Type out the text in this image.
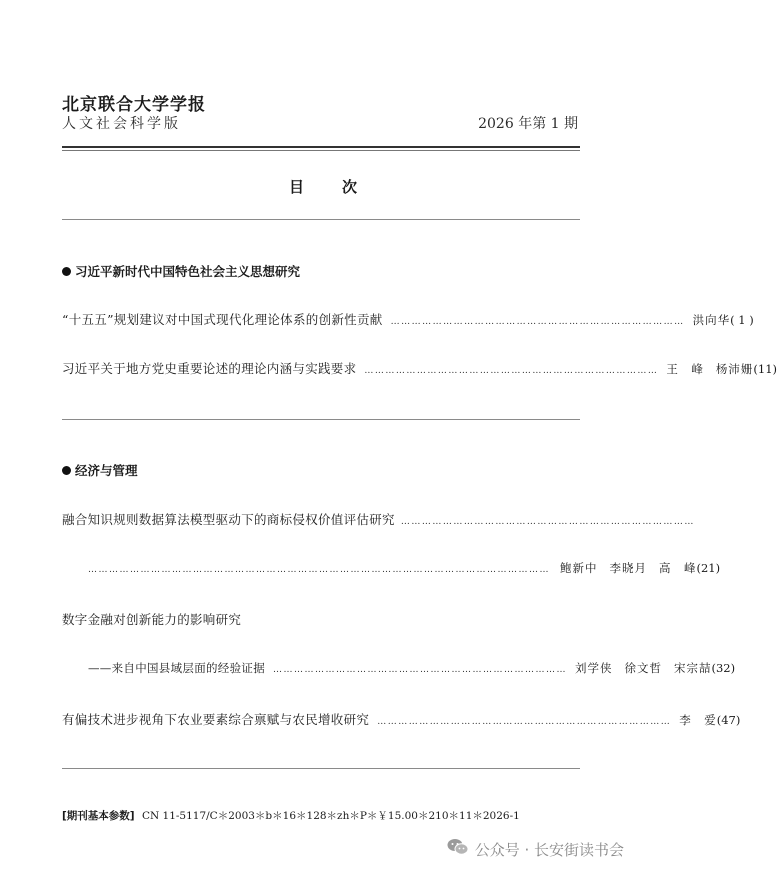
北京联合大学学报
人文社会科学版	2026 年第 1 期
目次
习近平新时代中国特色社会主义思想研究
“十五五”规划建议对中国式现代化理论体系的创新性贡献 ………………………………………………………………………… 洪向华 ( 1 )
习近平关于地方党史重要论述的理论内涵与实践要求 ………………………………………………………………………… 王　峰 杨沛姗 (11)
经济与管理
融合知识规则数据算法模型驱动下的商标侵权价值评估研究 …………………………………………………………………………
…………………………………………………………………………………………………………………… 鲍新中 李晓月 高　峰 (21)
数字金融对创新能力的影响研究
——来自中国县域层面的经验证据 ………………………………………………………………………… 刘学侠 徐文哲 宋宗喆 (32)
有偏技术进步视角下农业要素综合禀赋与农民增收研究 ………………………………………………………………………… 李　爱 (47)
[期刊基本参数] CN 11-5117/C＊2003＊b＊16＊128＊zh＊P＊￥15.00＊210＊11＊2026-1
公众号 · 长安街读书会
